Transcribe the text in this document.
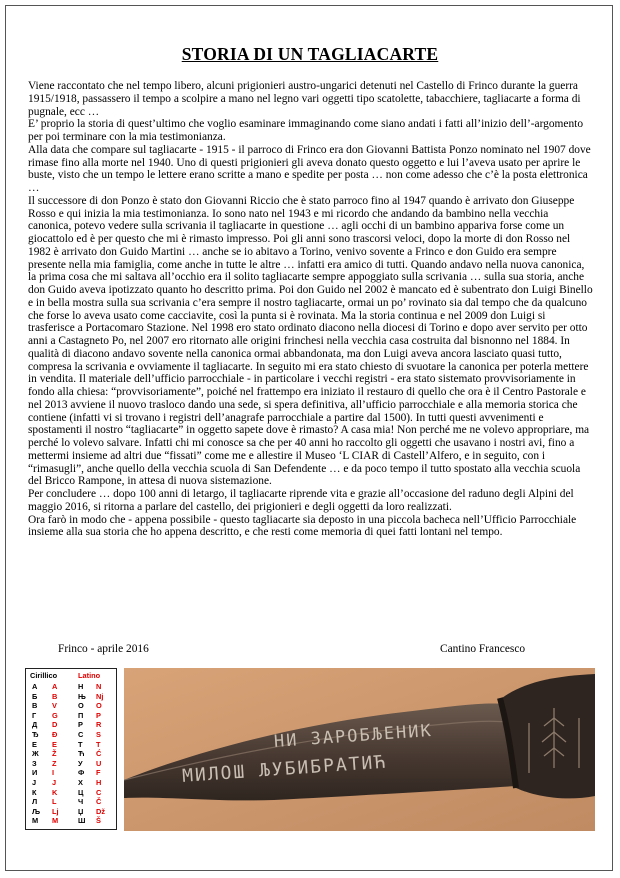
STORIA DI UN TAGLIACARTE

Viene raccontato che nel tempo libero, alcuni prigionieri austro-ungarici detenuti nel Castello di Frinco durante la guerra 1915/1918, passassero il tempo a scolpire a mano nel legno vari oggetti tipo scatolette, tabacchiere, tagliacarte a forma di pugnale, ecc …

E’ proprio la storia di quest’ultimo che voglio esaminare immaginando come siano andati i fatti all’inizio dell’-argomento per poi terminare con la mia testimonianza.

Alla data che compare sul tagliacarte - 1915 - il parroco di Frinco era don Giovanni Battista Ponzo nominato nel 1907 dove rimase fino alla morte nel 1940. Uno di questi prigionieri gli aveva donato questo oggetto e lui l’aveva usato per aprire le buste, visto che un tempo le lettere erano scritte a mano e spedite per posta … non come adesso che c’è la posta elettronica …

Il successore di don Ponzo è stato don Giovanni Riccio che è stato parroco fino al 1947 quando è arrivato don Giuseppe Rosso e qui inizia la mia testimonianza. Io sono nato nel 1943 e mi ricordo che andando da bambino nella vecchia canonica, potevo vedere sulla scrivania il tagliacarte in questione … agli occhi di un bambino appariva forse come un giocattolo ed è per questo che mi è rimasto impresso. Poi gli anni sono trascorsi veloci, dopo la morte di don Rosso nel 1982 è arrivato don Guido Martini … anche se io abitavo a Torino, venivo sovente a Frinco e don Guido era sempre presente nella mia famiglia, come anche in tutte le altre … infatti era amico di tutti. Quando andavo nella nuova canonica, la prima cosa che mi saltava all’occhio era il solito tagliacarte sempre appoggiato sulla scrivania … sulla sua storia, anche don Guido aveva ipotizzato quanto ho descritto prima. Poi don Guido nel 2002 è mancato ed è subentrato don Luigi Binello e in bella mostra sulla sua scrivania c’era sempre il nostro tagliacarte, ormai un po’ rovinato sia dal tempo che da qualcuno che forse lo aveva usato come cacciavite, così la punta si è rovinata. Ma la storia continua e nel 2009 don Luigi si trasferisce a Portacomaro Stazione. Nel 1998 ero stato ordinato diacono nella diocesi di Torino e dopo aver servito per otto anni a Castagneto Po, nel 2007 ero ritornato alle origini frinchesi nella vecchia casa costruita dal bisnonno nel 1884. In qualità di diacono andavo sovente nella canonica ormai abbandonata, ma don Luigi aveva ancora lasciato quasi tutto, compresa la scrivania e ovviamente il tagliacarte. In seguito mi era stato chiesto di svuotare la canonica per poterla mettere in vendita. Il materiale dell’ufficio parrocchiale - in particolare i vecchi registri - era stato sistemato provvisoriamente in fondo alla chiesa: “provvisoriamente”, poiché nel frattempo era iniziato il restauro di quello che ora è il Centro Pastorale e nel 2013 avviene il nuovo trasloco dando una sede, si spera definitiva, all’ufficio parrocchiale e alla memoria storica che contiene (infatti vi si trovano i registri dell’anagrafe parrocchiale a partire dal 1500). In tutti questi avvenimenti e spostamenti il nostro “tagliacarte” in oggetto sapete dove è rimasto? A casa mia! Non perché me ne volevo appropriare, ma perché lo volevo salvare. Infatti chi mi conosce sa che per 40 anni ho raccolto gli oggetti che usavano i nostri avi, fino a mettermi insieme ad altri due “fissati” come me e allestire il Museo ‘L CIAR di Castell’Alfero, e in seguito, con i “rimasugli”, anche quello della vecchia scuola di San Defendente … e da poco tempo il tutto spostato alla vecchia scuola del Bricco Rampone, in attesa di nuova sistemazione.

Per concludere … dopo 100 anni di letargo, il tagliacarte riprende vita e grazie all’occasione del raduno degli Alpini del maggio 2016, si ritorna a parlare del castello, dei prigionieri e degli oggetti da loro realizzati.

Ora farò in modo che - appena possibile - questo tagliacarte sia deposto in una piccola bacheca nell’Ufficio Parrocchiale insieme alla sua storia che ho appena descritto, e che resti come memoria di quei fatti lontani nel tempo.

Frinco - aprile 2016	Cantino Francesco
Cirillico	Latino
А
Б
В
Г
Д
Ђ
Е
Ж
З
И
Ј
К
Л
Љ
М
A
B
V
G
D
Đ
E
Ž
Z
I
J
K
L
Lj
M
Н
Њ
О
П
Р
С
Т
Ћ
У
Ф
Х
Ц
Ч
Џ
Ш
N
Nj
O
P
R
S
T
Ć
U
F
H
C
Č
Dž
Š
НИ ЗАРОБЉЕНИК
МИЛОШ ЉУБИБРАТИЋ
